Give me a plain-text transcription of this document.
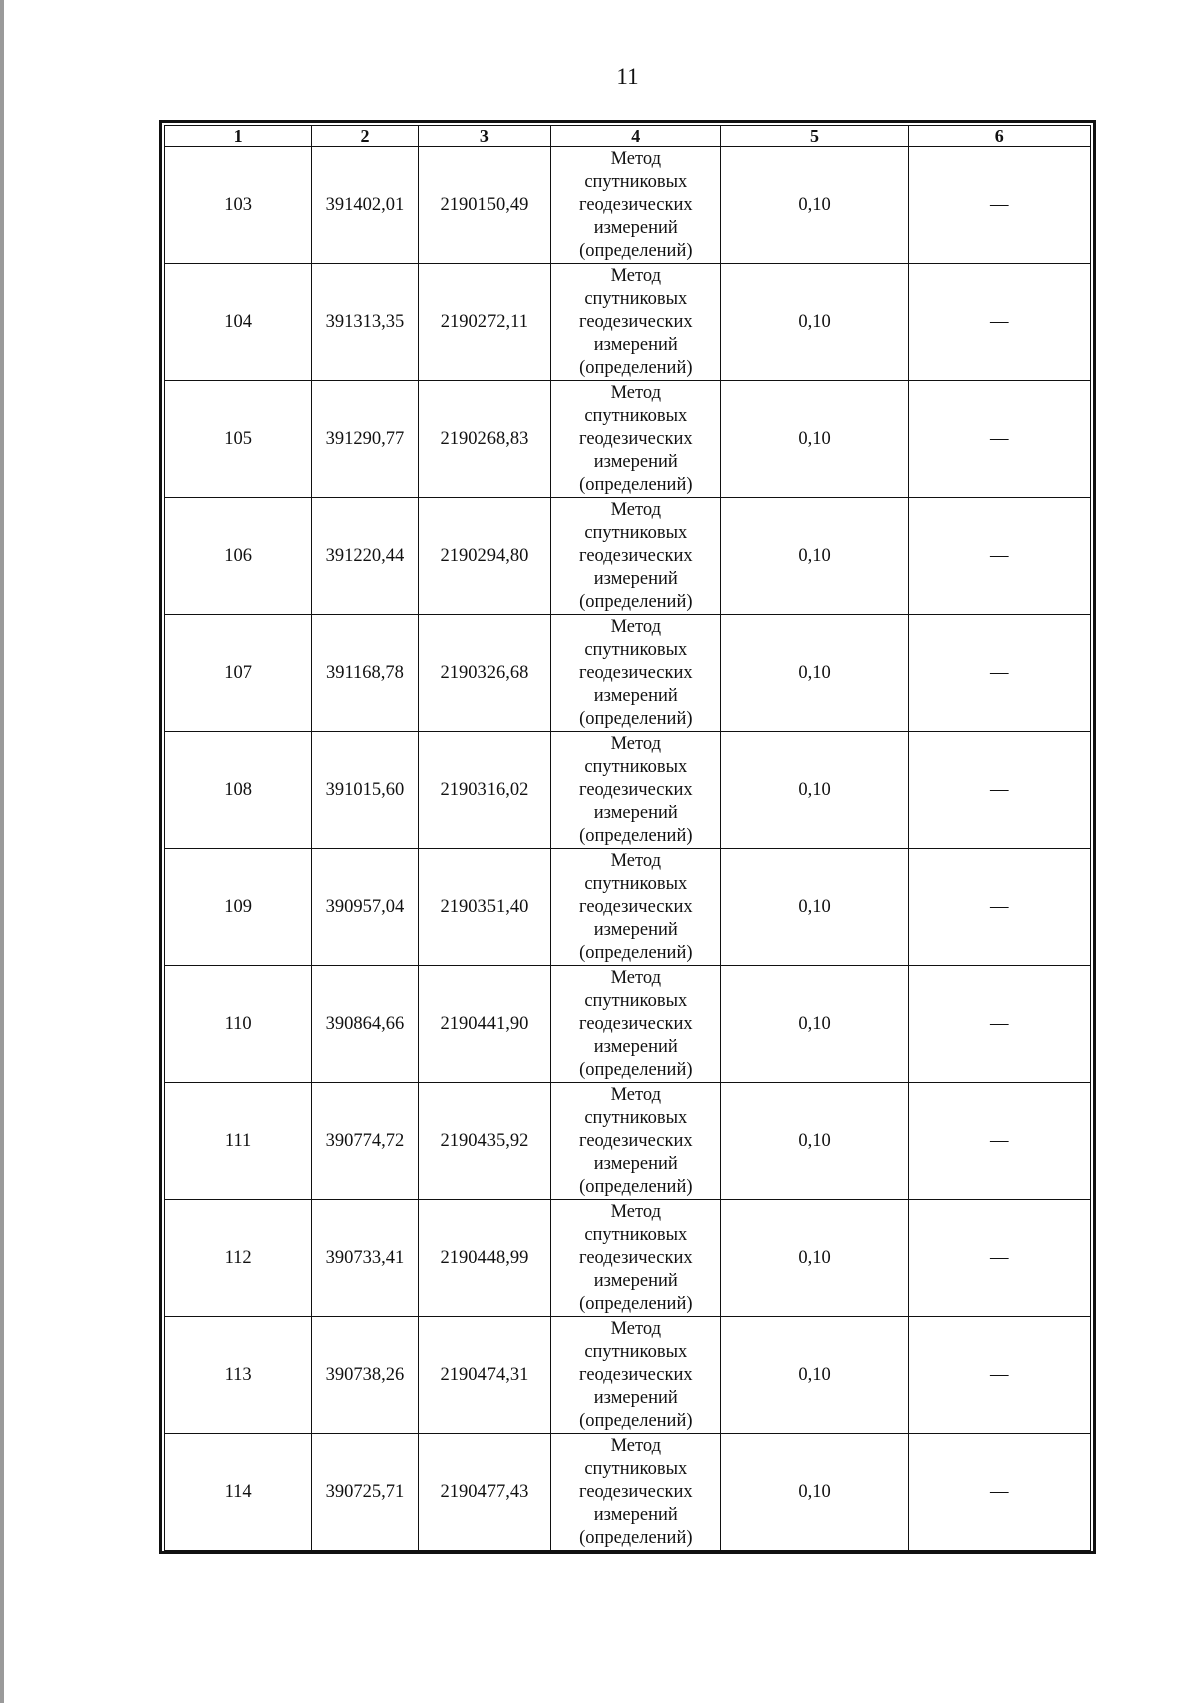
11
1	2	3	4	5	6
103	391402,01	2190150,49	Метод
спутниковых
геодезических
измерений
(определений)	0,10	—
104	391313,35	2190272,11	Метод
спутниковых
геодезических
измерений
(определений)	0,10	—
105	391290,77	2190268,83	Метод
спутниковых
геодезических
измерений
(определений)	0,10	—
106	391220,44	2190294,80	Метод
спутниковых
геодезических
измерений
(определений)	0,10	—
107	391168,78	2190326,68	Метод
спутниковых
геодезических
измерений
(определений)	0,10	—
108	391015,60	2190316,02	Метод
спутниковых
геодезических
измерений
(определений)	0,10	—
109	390957,04	2190351,40	Метод
спутниковых
геодезических
измерений
(определений)	0,10	—
110	390864,66	2190441,90	Метод
спутниковых
геодезических
измерений
(определений)	0,10	—
111	390774,72	2190435,92	Метод
спутниковых
геодезических
измерений
(определений)	0,10	—
112	390733,41	2190448,99	Метод
спутниковых
геодезических
измерений
(определений)	0,10	—
113	390738,26	2190474,31	Метод
спутниковых
геодезических
измерений
(определений)	0,10	—
114	390725,71	2190477,43	Метод
спутниковых
геодезических
измерений
(определений)	0,10	—
